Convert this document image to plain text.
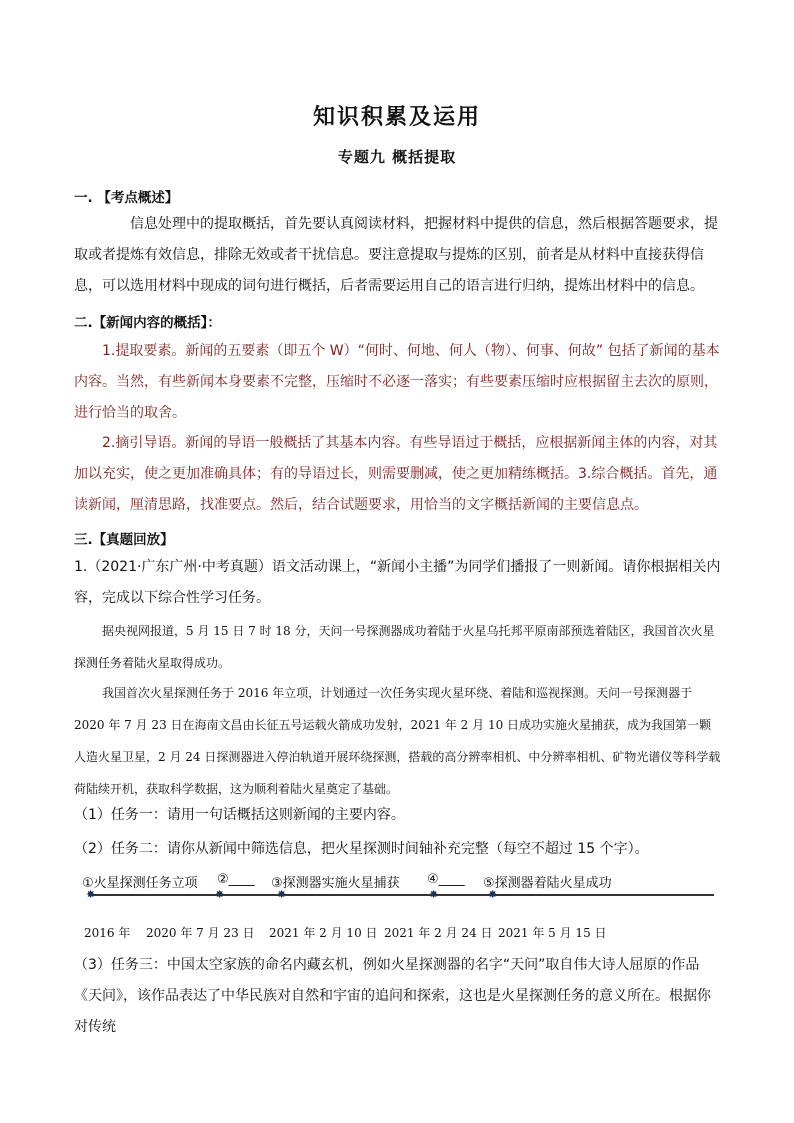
知识积累及运用
专题九 概括提取
一. 【考点概述】

信息处理中的提取概括，首先要认真阅读材料，把握材料中提供的信息，然后根据答题要求，提取或者提炼有效信息，排除无效或者干扰信息。要注意提取与提炼的区别，前者是从材料中直接获得信息，可以选用材料中现成的词句进行概括，后者需要运用自己的语言进行归纳，提炼出材料中的信息。

二.【新闻内容的概括】：

1.提取要素。新闻的五要素（即五个 W）“何时、何地、何人（物）、何事、何故” 包括了新闻的基本内容。当然，有些新闻本身要素不完整，压缩时不必逐一落实；有些要素压缩时应根据留主去次的原则，进行恰当的取舍。

2.摘引导语。新闻的导语一般概括了其基本内容。有些导语过于概括，应根据新闻主体的内容，对其加以充实，使之更加准确具体；有的导语过长，则需要删减，使之更加精练概括。3.综合概括。首先，通读新闻，厘清思路，找准要点。然后，结合试题要求，用恰当的文字概括新闻的主要信息点。

三.【真题回放】

1.（2021·广东广州·中考真题）语文活动课上，“新闻小主播”为同学们播报了一则新闻。请你根据相关内容，完成以下综合性学习任务。

据央视网报道，5 月 15 日 7 时 18 分，天问一号探测器成功着陆于火星乌托邦平原南部预选着陆区，我国首次火星探测任务着陆火星取得成功。

我国首次火星探测任务于 2016 年立项，计划通过一次任务实现火星环绕、着陆和巡视探测。天问一号探测器于 2020 年 7 月 23 日在海南文昌由长征五号运载火箭成功发射，2021 年 2 月 10 日成功实施火星捕获，成为我国第一颗人造火星卫星，2 月 24 日探测器进入停泊轨道开展环绕探测，搭载的高分辨率相机、中分辨率相机、矿物光谱仪等科学载荷陆续开机，获取科学数据，这为顺利着陆火星奠定了基础。

（1）任务一：请用一句话概括这则新闻的主要内容。

（2）任务二：请你从新闻中筛选信息，把火星探测时间轴补充完整（每空不超过 15 个字）。

①火星探测任务立项 ②____ ③探测器实施火星捕获 ④____ ⑤探测器着陆火星成功
✸	✸	✸	✸	✸
2016 年 2020 年 7 月 23 日 2021 年 2 月 10 日 2021 年 2 月 24 日 2021 年 5 月 15 日

（3）任务三：中国太空家族的命名内藏玄机，例如火星探测器的名字“天问”取自伟大诗人屈原的作品《天问》，该作品表达了中华民族对自然和宇宙的追问和探索，这也是火星探测任务的意义所在。根据你对传统
